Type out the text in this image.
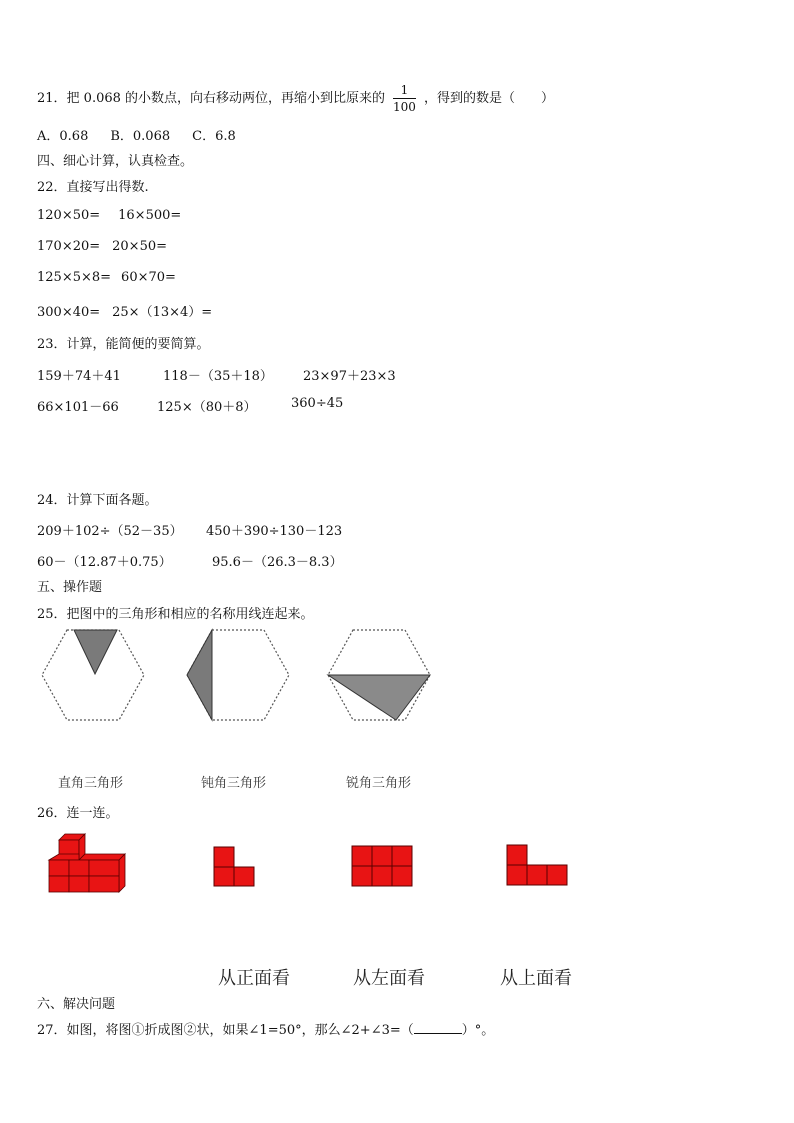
21．把 0.068 的小数点，向右移动两位，再缩小到比原来的 $\frac{1}{100}$ ，得到的数是（　　）
A．0.68 B．0.068 C．6.8
四、细心计算，认真检查。
22．直接写出得数.
120×50= 16×500=
170×20= 20×50=
125×5×8= 60×70=
300×40= 25×（13×4）=
23．计算，能简便的要简算。
159＋74＋41	118－（35＋18） 23×97＋23×3
66×101－66	125×（80＋8）	360÷45
24．计算下面各题。
209＋102÷（52－35） 450＋390÷130－123
60－（12.87＋0.75）	95.6－（26.3－8.3）
五、操作题
25．把图中的三角形和相应的名称用线连起来。
直角三角形	钝角三角形	锐角三角形
26．连一连。
从正面看	从左面看	从上面看
六、解决问题
27．如图，将图①折成图②状，如果∠1=50°，那么∠2+∠3=（	）°。
